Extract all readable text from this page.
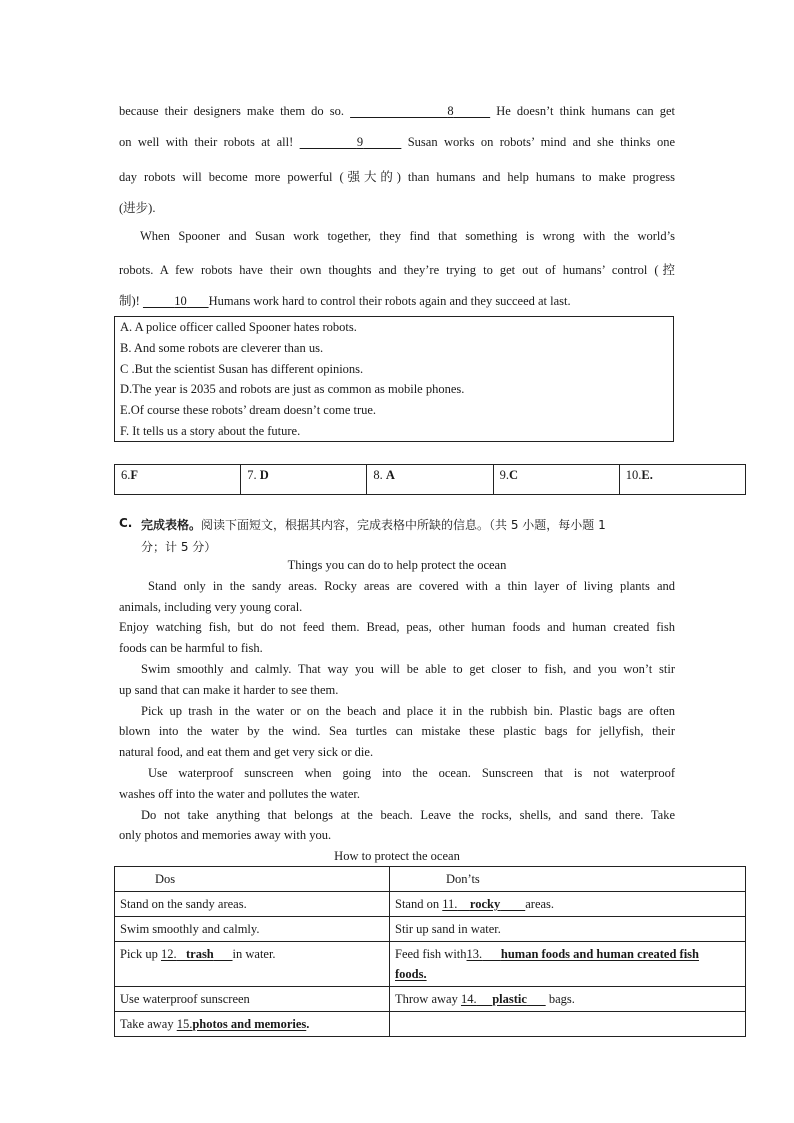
because their designers make them do so.	8	He doesn’t think humans can get
on well with their robots at all!	9	Susan works on robots’ mind and she thinks one
day robots will become more powerful (强大的) than humans and help humans to make progress
(进步).
When Spooner and Susan work together, they find that something is wrong with the world’s
robots. A few robots have their own thoughts and they’re trying to get out of humans’ control (控
制)!	10 Humans work hard to control their robots again and they succeed at last.
A. A police officer called Spooner hates robots.
B. And some robots are cleverer than us.
C .But the scientist Susan has different opinions.
D.The year is 2035 and robots are just as common as mobile phones.
E.Of course these robots’ dream doesn’t come true.
F. It tells us a story about the future.
6.F	7. D	8. A	9.C	10.E.
C. 完成表格。阅读下面短文，根据其内容，完成表格中所缺的信息。（共 5 小题，每小题 1
分；计 5 分）
Things you can do to help protect the ocean
Stand only in the sandy areas. Rocky areas are covered with a thin layer of living plants and
animals, including very young coral.
Enjoy watching fish, but do not feed them. Bread, peas, other human foods and human created fish
foods can be harmful to fish.
Swim smoothly and calmly. That way you will be able to get closer to fish, and you won’t stir
up sand that can make it harder to see them.
Pick up trash in the water or on the beach and place it in the rubbish bin. Plastic bags are often
blown into the water by the wind. Sea turtles can mistake these plastic bags for jellyfish, their
natural food, and eat them and get very sick or die.
Use waterproof sunscreen when going into the ocean. Sunscreen that is not waterproof
washes off into the water and pollutes the water.
Do not take anything that belongs at the beach. Leave the rocks, shells, and sand there. Take
only photos and memories away with you.
How to protect the ocean
Dos	Don’ts
Stand on the sandy areas.	Stand on 11. rocky areas.
Swim smoothly and calmly.	Stir up sand in water.
Pick up 12. trash in water.	Feed fish with13. human foods and human created fish
foods.
Use waterproof sunscreen	Throw away 14. plastic bags.
Take away 15.photos and memories.	
